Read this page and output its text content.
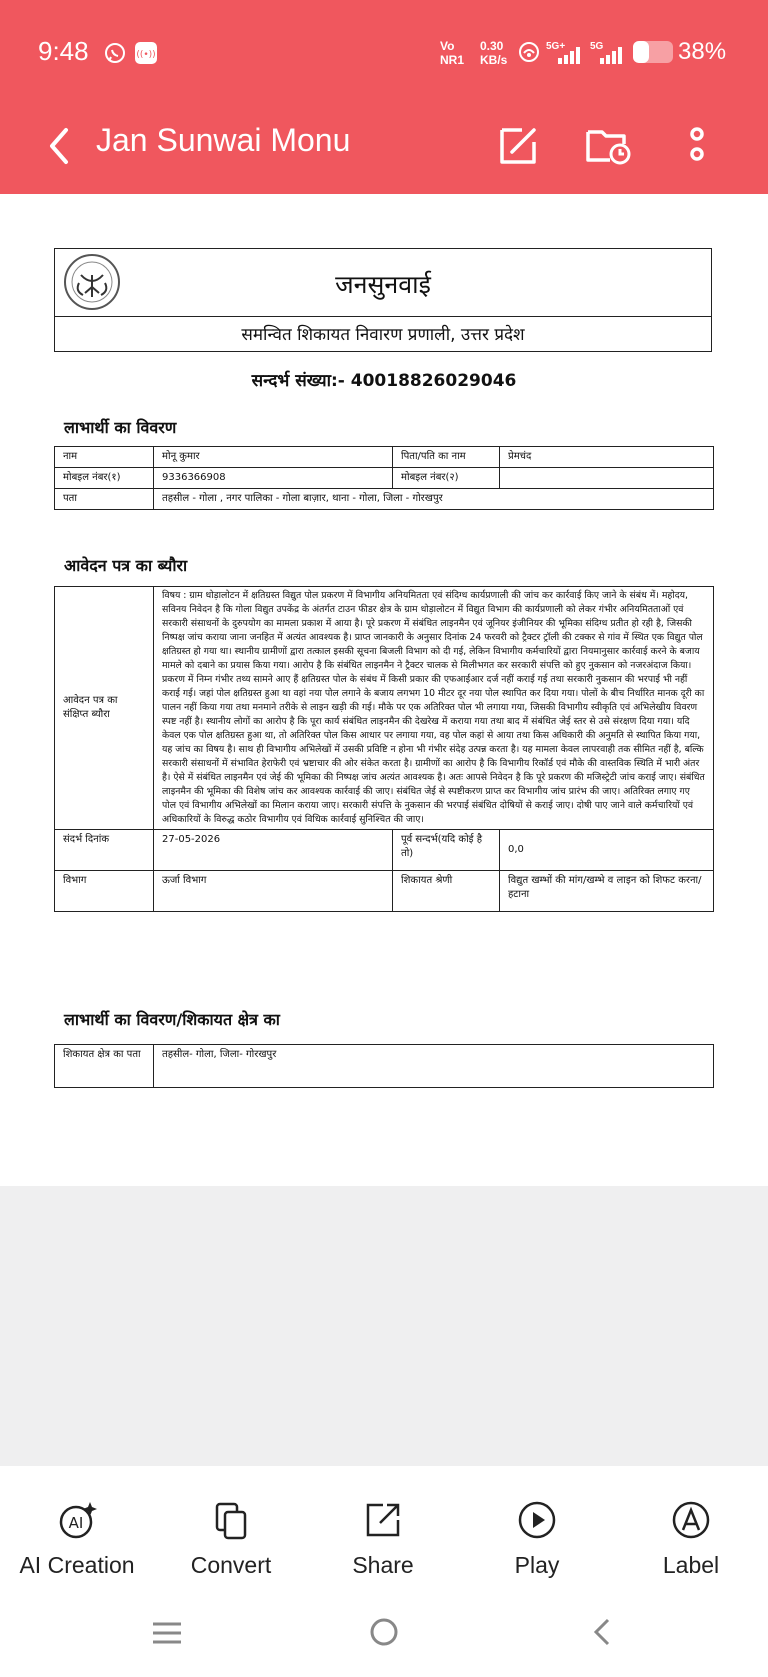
9:48	((•))
Vo
NR1
0.30
KB/s
5G+ 5G	38%
Jan Sunwai Monu
जनसुनवाई
समन्वित शिकायत निवारण प्रणाली, उत्तर प्रदेश
सन्दर्भ संख्या:- 40018826029046
लाभार्थी का विवरण
नाम	मोनू कुमार	पिता/पति का नाम	प्रेमचंद
मोबइल नंबर(१)	9336366908	मोबइल नंबर(२)	
पता	तहसील - गोला , नगर पालिका - गोला बाज़ार, थाना - गोला, जिला - गोरखपुर		
आवेदन पत्र का ब्यौरा
आवेदन पत्र का संक्षिप्त ब्यौरा	विषय : ग्राम धोड़ालोटन में क्षतिग्रस्त विद्युत पोल प्रकरण में विभागीय अनियमितता एवं संदिग्ध कार्यप्रणाली की जांच कर कार्रवाई किए जाने के संबंध में। महोदय, सविनय निवेदन है कि गोला विद्युत उपकेंद्र के अंतर्गत टाउन फीडर क्षेत्र के ग्राम धोड़ालोटन में विद्युत विभाग की कार्यप्रणाली को लेकर गंभीर अनियमितताओं एवं सरकारी संसाधनों के दुरुपयोग का मामला प्रकाश में आया है। पूरे प्रकरण में संबंधित लाइनमैन एवं जूनियर इंजीनियर की भूमिका संदिग्ध प्रतीत हो रही है, जिसकी निष्पक्ष जांच कराया जाना जनहित में अत्यंत आवश्यक है। प्राप्त जानकारी के अनुसार दिनांक 24 फरवरी को ट्रैक्टर ट्रॉली की टक्कर से गांव में स्थित एक विद्युत पोल क्षतिग्रस्त हो गया था। स्थानीय ग्रामीणों द्वारा तत्काल इसकी सूचना बिजली विभाग को दी गई, लेकिन विभागीय कर्मचारियों द्वारा नियमानुसार कार्रवाई करने के बजाय मामले को दबाने का प्रयास किया गया। आरोप है कि संबंधित लाइनमैन ने ट्रैक्टर चालक से मिलीभगत कर सरकारी संपत्ति को हुए नुकसान को नजरअंदाज किया। प्रकरण में निम्न गंभीर तथ्य सामने आए हैं क्षतिग्रस्त पोल के संबंध में किसी प्रकार की एफआईआर दर्ज नहीं कराई गई तथा सरकारी नुकसान की भरपाई भी नहीं कराई गई। जहां पोल क्षतिग्रस्त हुआ था वहां नया पोल लगाने के बजाय लगभग 10 मीटर दूर नया पोल स्थापित कर दिया गया। पोलों के बीच निर्धारित मानक दूरी का पालन नहीं किया गया तथा मनमाने तरीके से लाइन खड़ी की गई। मौके पर एक अतिरिक्त पोल भी लगाया गया, जिसकी विभागीय स्वीकृति एवं अभिलेखीय विवरण स्पष्ट नहीं है। स्थानीय लोगों का आरोप है कि पूरा कार्य संबंधित लाइनमैन की देखरेख में कराया गया तथा बाद में संबंधित जेई स्तर से उसे संरक्षण दिया गया। यदि केवल एक पोल क्षतिग्रस्त हुआ था, तो अतिरिक्त पोल किस आधार पर लगाया गया, वह पोल कहां से आया तथा किस अधिकारी की अनुमति से स्थापित किया गया, यह जांच का विषय है। साथ ही विभागीय अभिलेखों में उसकी प्रविष्टि न होना भी गंभीर संदेह उत्पन्न करता है। यह मामला केवल लापरवाही तक सीमित नहीं है, बल्कि सरकारी संसाधनों में संभावित हेराफेरी एवं भ्रष्टाचार की ओर संकेत करता है। ग्रामीणों का आरोप है कि विभागीय रिकॉर्ड एवं मौके की वास्तविक स्थिति में भारी अंतर है। ऐसे में संबंधित लाइनमैन एवं जेई की भूमिका की निष्पक्ष जांच अत्यंत आवश्यक है। अतः आपसे निवेदन है कि पूरे प्रकरण की मजिस्ट्रेटी जांच कराई जाए। संबंधित लाइनमैन की भूमिका की विशेष जांच कर आवश्यक कार्रवाई की जाए। संबंधित जेई से स्पष्टीकरण प्राप्त कर विभागीय जांच प्रारंभ की जाए। अतिरिक्त लगाए गए पोल एवं विभागीय अभिलेखों का मिलान कराया जाए। सरकारी संपत्ति के नुकसान की भरपाई संबंधित दोषियों से कराई जाए। दोषी पाए जाने वाले कर्मचारियों एवं अधिकारियों के विरुद्ध कठोर विभागीय एवं विधिक कार्रवाई सुनिश्चित की जाए।		
संदर्भ दिनांक	27-05-2026	पूर्व सन्दर्भ(यदि कोई है तो)	0,0
विभाग	ऊर्जा विभाग	शिकायत श्रेणी	विद्युत खम्भों की मांग/खम्भे व लाइन को शिफट करना/हटाना
लाभार्थी का विवरण/शिकायत क्षेत्र का
शिकायत क्षेत्र का पता	तहसील- गोला, जिला- गोरखपुर
AI
AI Creation	Convert	Share	Play	Label
